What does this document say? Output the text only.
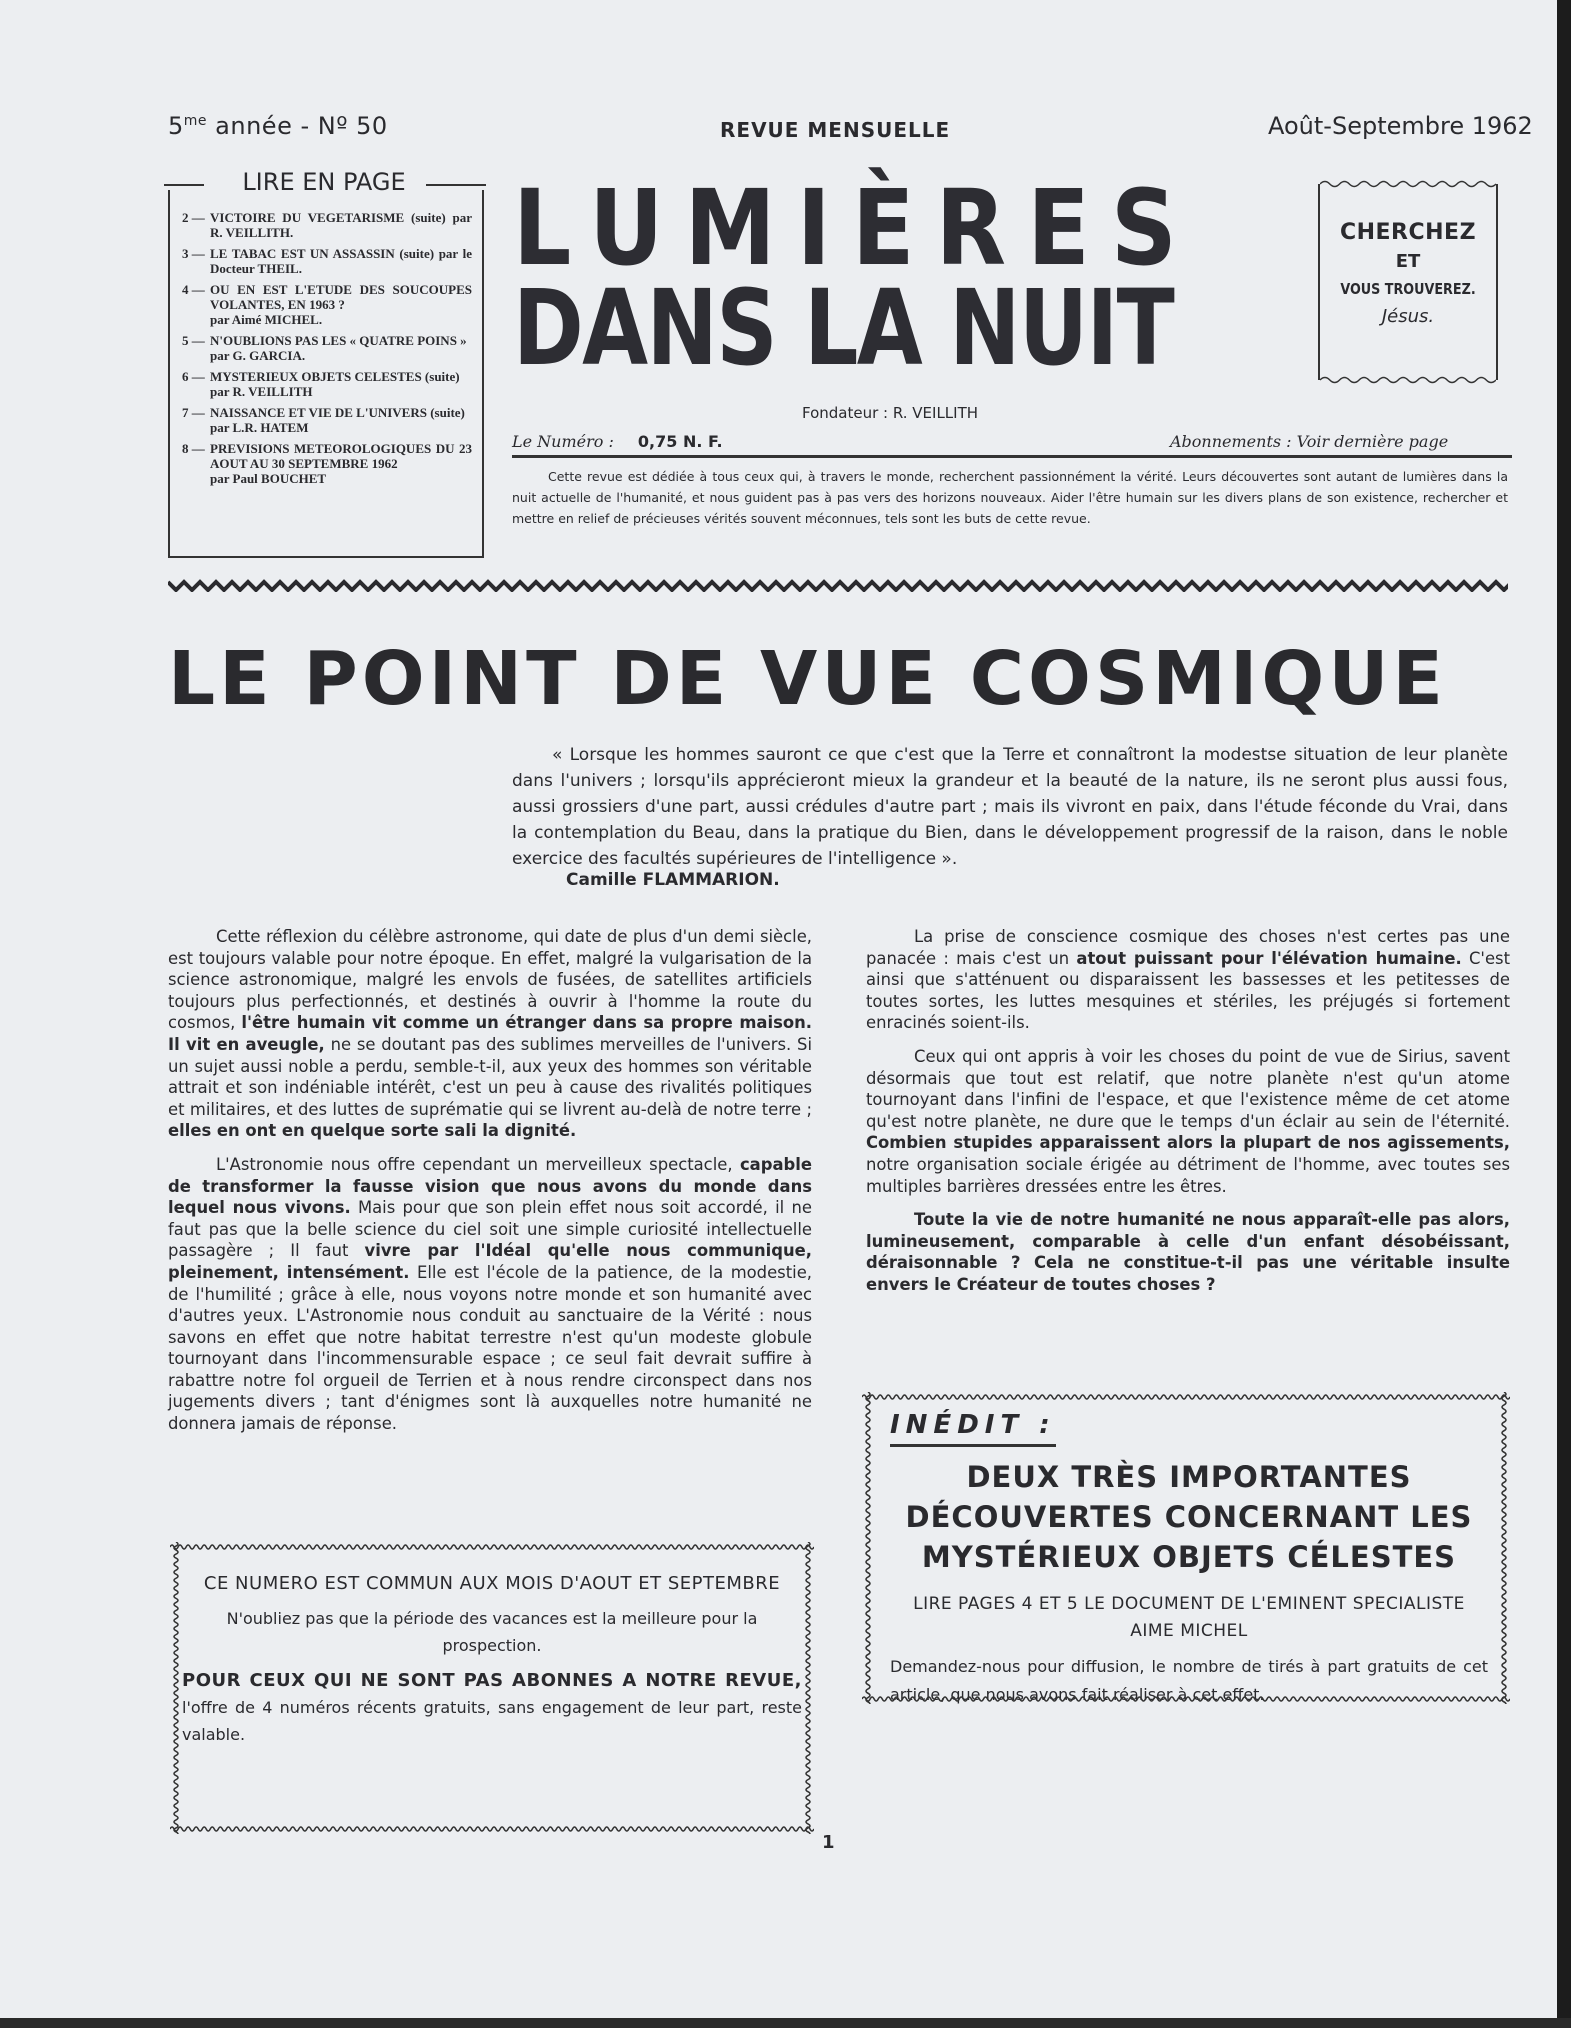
$5^{me}$ année - Nº 50	REVUE MENSUELLE	Août-Septembre 1962
LIRE EN PAGE
2 — VICTOIRE DU VEGETARISME (suite) par R. VEILLITH.
3 — LE TABAC EST UN ASSASSIN (suite) par le Docteur THEIL.
4 — OU EN EST L'ETUDE DES SOUCOUPES VOLANTES, EN 1963 ?
par Aimé MICHEL.
5 — N'OUBLIONS PAS LES « QUATRE POINS »
par G. GARCIA.
6 — MYSTERIEUX OBJETS CELESTES (suite)
par R. VEILLITH
7 — NAISSANCE ET VIE DE L'UNIVERS (suite)
par L.R. HATEM
8 — PREVISIONS METEOROLOGIQUES DU 23 AOUT AU 30 SEPTEMBRE 1962
par Paul BOUCHET
LUMIÈRES
DANS LA NUIT
CHERCHEZ
ET
VOUS TROUVEREZ.
Jésus.
Fondateur : R. VEILLITH
Le Numéro : 0,75 N. F.	Abonnements : Voir dernière page
Cette revue est dédiée à tous ceux qui, à travers le monde, recherchent passionnément la vérité. Leurs découvertes sont autant de lumières dans la nuit actuelle de l'humanité, et nous guident pas à pas vers des horizons nouveaux. Aider l'être humain sur les divers plans de son existence, rechercher et mettre en relief de précieuses vérités souvent méconnues, tels sont les buts de cette revue.
LE POINT DE VUE COSMIQUE
« Lorsque les hommes sauront ce que c'est que la Terre et connaîtront la modestse situation de leur planète dans l'univers ; lorsqu'ils apprécieront mieux la grandeur et la beauté de la nature, ils ne seront plus aussi fous, aussi grossiers d'une part, aussi crédules d'autre part ; mais ils vivront en paix, dans l'étude féconde du Vrai, dans la contemplation du Beau, dans la pratique du Bien, dans le développement progressif de la raison, dans le noble exercice des facultés supérieures de l'intelligence ».
Camille FLAMMARION.

Cette réflexion du célèbre astronome, qui date de plus d'un demi siècle, est toujours valable pour notre époque. En effet, malgré la vulgarisation de la science astronomique, malgré les envols de fusées, de satellites artificiels toujours plus perfectionnés, et destinés à ouvrir à l'homme la route du cosmos, l'être humain vit comme un étranger dans sa propre maison. Il vit en aveugle, ne se doutant pas des sublimes merveilles de l'univers. Si un sujet aussi noble a perdu, semble-t-il, aux yeux des hommes son véritable attrait et son indéniable intérêt, c'est un peu à cause des rivalités politiques et militaires, et des luttes de suprématie qui se livrent au-delà de notre terre ; elles en ont en quelque sorte sali la dignité.

L'Astronomie nous offre cependant un merveilleux spectacle, capable de transformer la fausse vision que nous avons du monde dans lequel nous vivons. Mais pour que son plein effet nous soit accordé, il ne faut pas que la belle science du ciel soit une simple curiosité intellectuelle passagère ; Il faut vivre par l'Idéal qu'elle nous communique, pleinement, intensément. Elle est l'école de la patience, de la modestie, de l'humilité ; grâce à elle, nous voyons notre monde et son humanité avec d'autres yeux. L'Astronomie nous conduit au sanctuaire de la Vérité : nous savons en effet que notre habitat terrestre n'est qu'un modeste globule tournoyant dans l'incommensurable espace ; ce seul fait devrait suffire à rabattre notre fol orgueil de Terrien et à nous rendre circonspect dans nos jugements divers ; tant d'énigmes sont là auxquelles notre humanité ne donnera jamais de réponse.

La prise de conscience cosmique des choses n'est certes pas une panacée : mais c'est un atout puissant pour l'élévation humaine. C'est ainsi que s'atténuent ou disparaissent les bassesses et les petitesses de toutes sortes, les luttes mesquines et stériles, les préjugés si fortement enracinés soient-ils.

Ceux qui ont appris à voir les choses du point de vue de Sirius, savent désormais que tout est relatif, que notre planète n'est qu'un atome tournoyant dans l'infini de l'espace, et que l'existence même de cet atome qu'est notre planète, ne dure que le temps d'un éclair au sein de l'éternité. Combien stupides apparaissent alors la plupart de nos agissements, notre organisation sociale érigée au détriment de l'homme, avec toutes ses multiples barrières dressées entre les êtres.

Toute la vie de notre humanité ne nous apparaît-elle pas alors, lumineusement, comparable à celle d'un enfant désobéissant, déraisonnable ? Cela ne constitue-t-il pas une véritable insulte envers le Créateur de toutes choses ?

CE NUMERO EST COMMUN AUX MOIS D'AOUT ET SEPTEMBRE
N'oubliez pas que la période des vacances est la meilleure pour la prospection.
POUR CEUX QUI NE SONT PAS ABONNES A NOTRE REVUE, l'offre de 4 numéros récents gratuits, sans engagement de leur part, reste valable.
INÉDIT :
DEUX TRÈS IMPORTANTES DÉCOUVERTES CONCERNANT LES MYSTÉRIEUX OBJETS CÉLESTES
LIRE PAGES 4 ET 5 LE DOCUMENT DE L'EMINENT SPECIALISTE AIME MICHEL
Demandez-nous pour diffusion, le nombre de tirés à part gratuits de cet article, que nous avons fait réaliser à cet effet.
1
